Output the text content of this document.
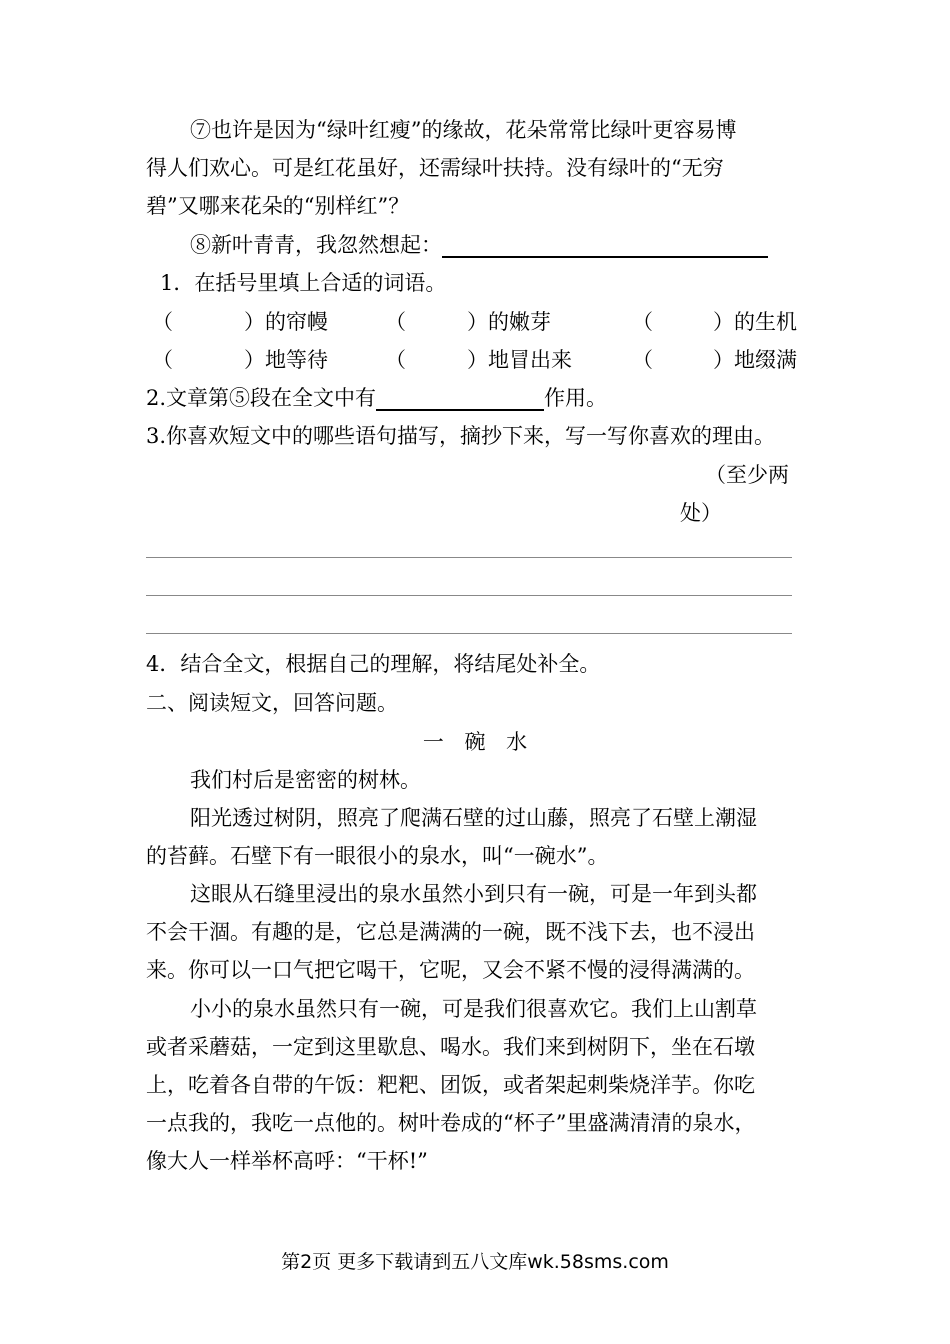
⑦也许是因为“绿叶红瘦”的缘故，花朵常常比绿叶更容易博
得人们欢心。可是红花虽好，还需绿叶扶持。没有绿叶的“无穷
碧”又哪来花朵的“别样红”？
⑧新叶青青，我忽然想起：
1．在括号里填上合适的词语。
（	）的帘幔	（	）的嫩芽	（	）的生机
（	）地等待	（	）地冒出来	（	）地缀满
2.文章第⑤段在全文中有	作用。
3.你喜欢短文中的哪些语句描写，摘抄下来，写一写你喜欢的理由。
（至少两
处）
4．结合全文，根据自己的理解，将结尾处补全。
二、阅读短文，回答问题。
一 碗 水
我们村后是密密的树林。
阳光透过树阴，照亮了爬满石壁的过山藤，照亮了石壁上潮湿
的苔藓。石壁下有一眼很小的泉水，叫“一碗水”。
这眼从石缝里浸出的泉水虽然小到只有一碗，可是一年到头都
不会干涸。有趣的是，它总是满满的一碗，既不浅下去，也不浸出
来。你可以一口气把它喝干，它呢，又会不紧不慢的浸得满满的。
小小的泉水虽然只有一碗，可是我们很喜欢它。我们上山割草
或者采蘑菇，一定到这里歇息、喝水。我们来到树阴下，坐在石墩
上，吃着各自带的午饭：粑粑、团饭，或者架起刺柴烧洋芋。你吃
一点我的，我吃一点他的。树叶卷成的“杯子”里盛满清清的泉水，
像大人一样举杯高呼：“干杯!”
第2页 更多下载请到五八文库wk.58sms.com
